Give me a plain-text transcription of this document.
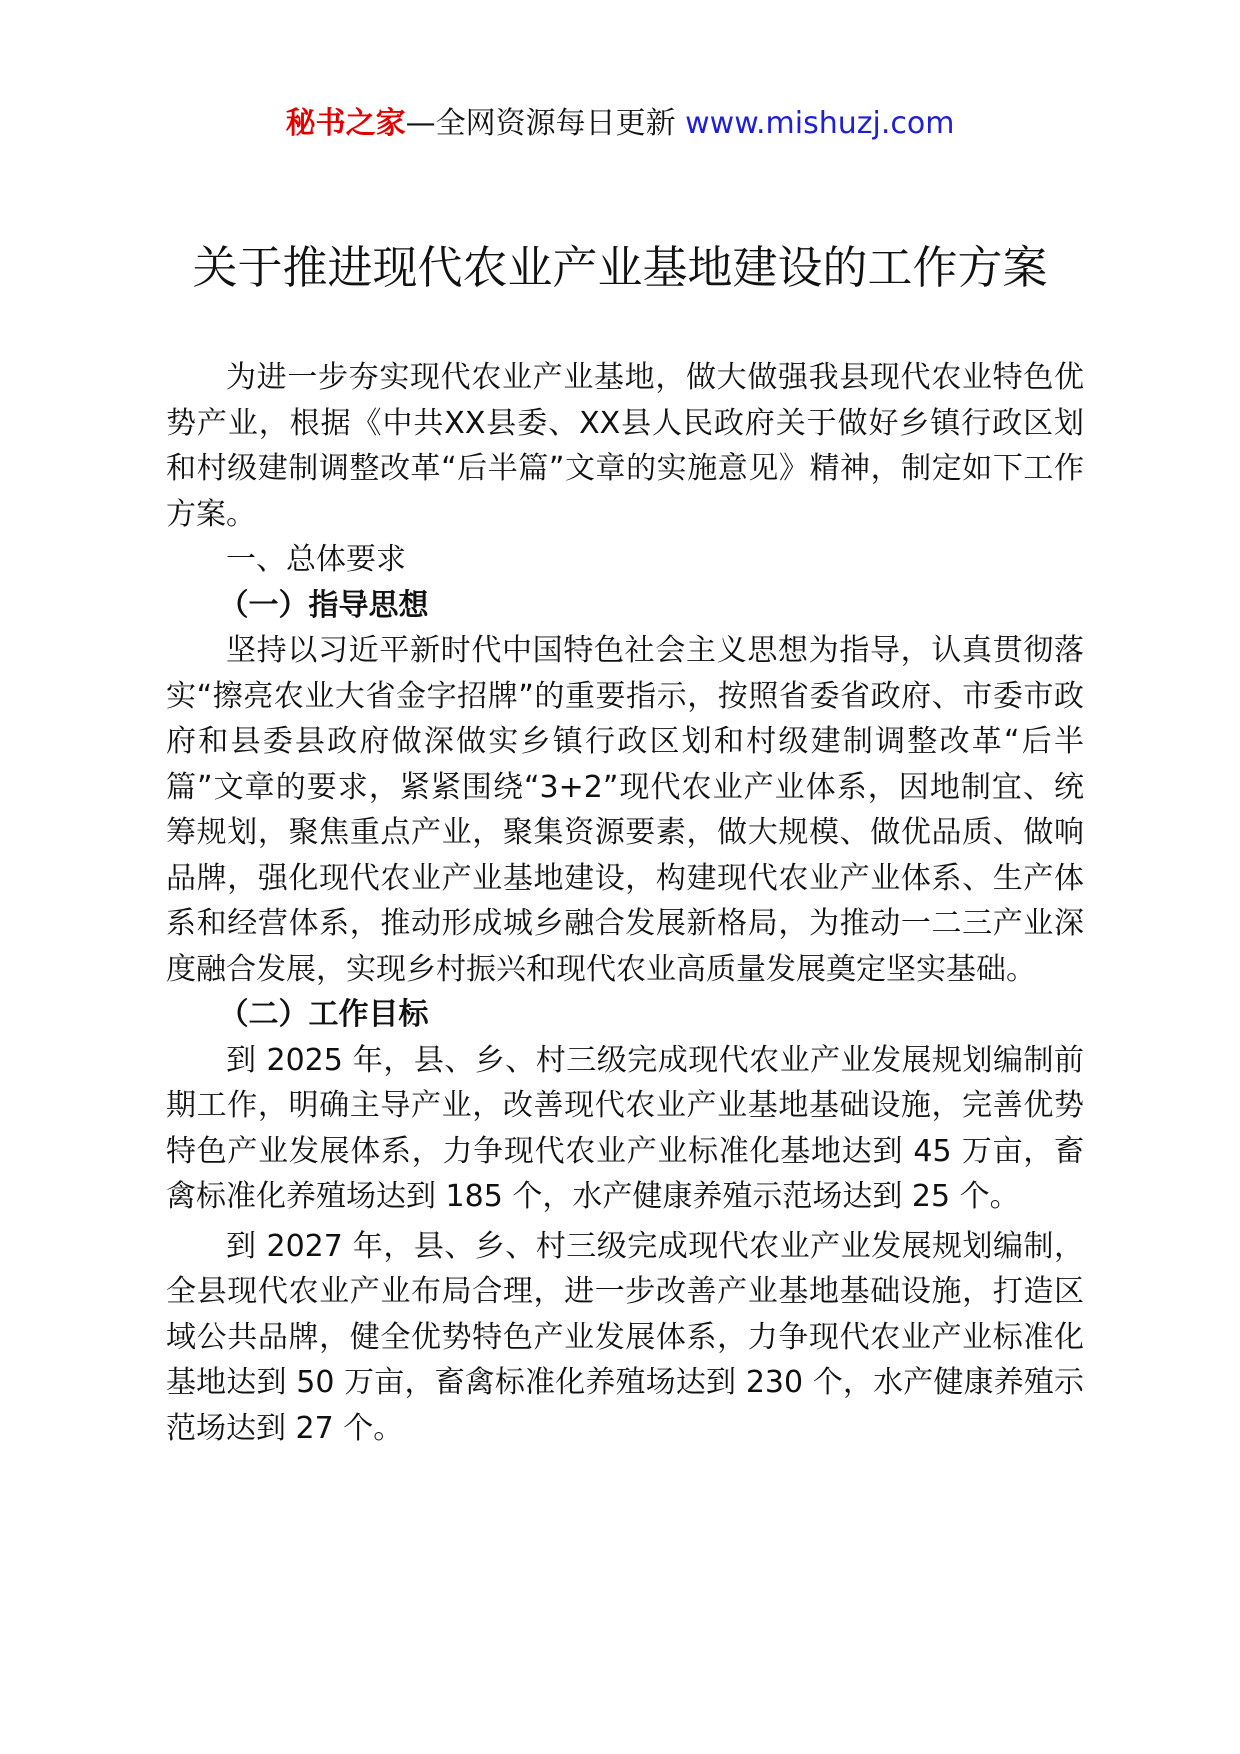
秘书之家—全网资源每日更新 www.mishuzj.com
关于推进现代农业产业基地建设的工作方案

为进一步夯实现代农业产业基地，做大做强我县现代农业特色优势产业，根据《中共XX县委、XX县人民政府关于做好乡镇行政区划和村级建制调整改革“后半篇”文章的实施意见》精神，制定如下工作方案。

一、总体要求

（一）指导思想

坚持以习近平新时代中国特色社会主义思想为指导，认真贯彻落实“擦亮农业大省金字招牌”的重要指示，按照省委省政府、市委市政府和县委县政府做深做实乡镇行政区划和村级建制调整改革“后半篇”文章的要求，紧紧围绕“3+2”现代农业产业体系，因地制宜、统筹规划，聚焦重点产业，聚集资源要素，做大规模、做优品质、做响品牌，强化现代农业产业基地建设，构建现代农业产业体系、生产体系和经营体系，推动形成城乡融合发展新格局，为推动一二三产业深度融合发展，实现乡村振兴和现代农业高质量发展奠定坚实基础。

（二）工作目标

到 2025 年，县、乡、村三级完成现代农业产业发展规划编制前期工作，明确主导产业，改善现代农业产业基地基础设施，完善优势特色产业发展体系，力争现代农业产业标准化基地达到 45 万亩，畜禽标准化养殖场达到 185 个，水产健康养殖示范场达到 25 个。

到 2027 年，县、乡、村三级完成现代农业产业发展规划编制，全县现代农业产业布局合理，进一步改善产业基地基础设施，打造区域公共品牌，健全优势特色产业发展体系，力争现代农业产业标准化基地达到 50 万亩，畜禽标准化养殖场达到 230 个，水产健康养殖示范场达到 27 个。
